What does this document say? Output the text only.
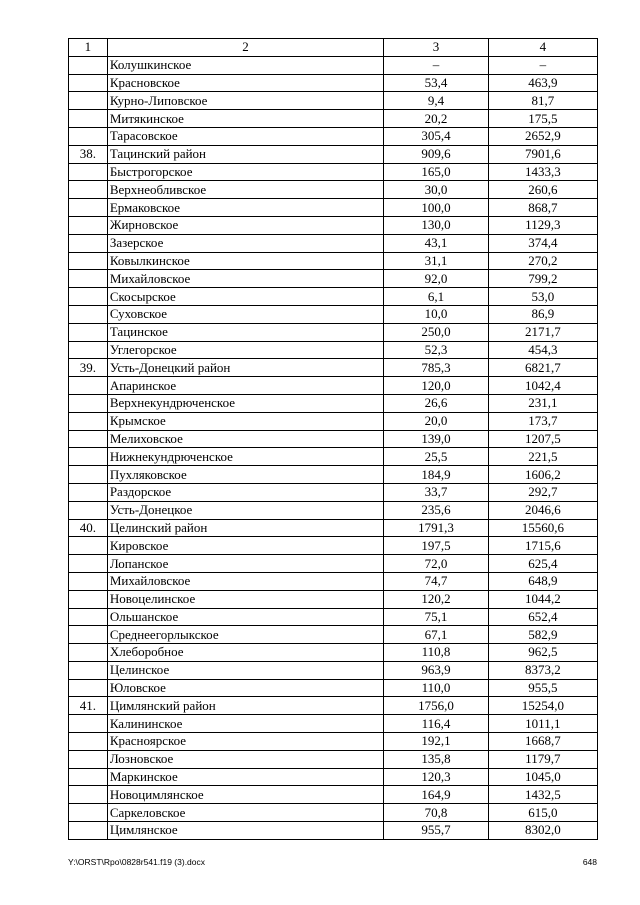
1	2	3	4
	Колушкинское	–	–
	Красновское	53,4	463,9
	Курно-Липовское	9,4	81,7
	Митякинское	20,2	175,5
	Тарасовское	305,4	2652,9
38.	Тацинский район	909,6	7901,6
	Быстрогорское	165,0	1433,3
	Верхнеобливское	30,0	260,6
	Ермаковское	100,0	868,7
	Жирновское	130,0	1129,3
	Зазерское	43,1	374,4
	Ковылкинское	31,1	270,2
	Михайловское	92,0	799,2
	Скосырское	6,1	53,0
	Суховское	10,0	86,9
	Тацинское	250,0	2171,7
	Углегорское	52,3	454,3
39.	Усть-Донецкий район	785,3	6821,7
	Апаринское	120,0	1042,4
	Верхнекундрюченское	26,6	231,1
	Крымское	20,0	173,7
	Мелиховское	139,0	1207,5
	Нижнекундрюченское	25,5	221,5
	Пухляковское	184,9	1606,2
	Раздорское	33,7	292,7
	Усть-Донецкое	235,6	2046,6
40.	Целинский район	1791,3	15560,6
	Кировское	197,5	1715,6
	Лопанское	72,0	625,4
	Михайловское	74,7	648,9
	Новоцелинское	120,2	1044,2
	Ольшанское	75,1	652,4
	Среднеегорлыкское	67,1	582,9
	Хлеборобное	110,8	962,5
	Целинское	963,9	8373,2
	Юловское	110,0	955,5
41.	Цимлянский район	1756,0	15254,0
	Калининское	116,4	1011,1
	Красноярское	192,1	1668,7
	Лозновское	135,8	1179,7
	Маркинское	120,3	1045,0
	Новоцимлянское	164,9	1432,5
	Саркеловское	70,8	615,0
	Цимлянское	955,7	8302,0
Y:\ORST\Rpo\0828r541.f19 (3).docx	648
